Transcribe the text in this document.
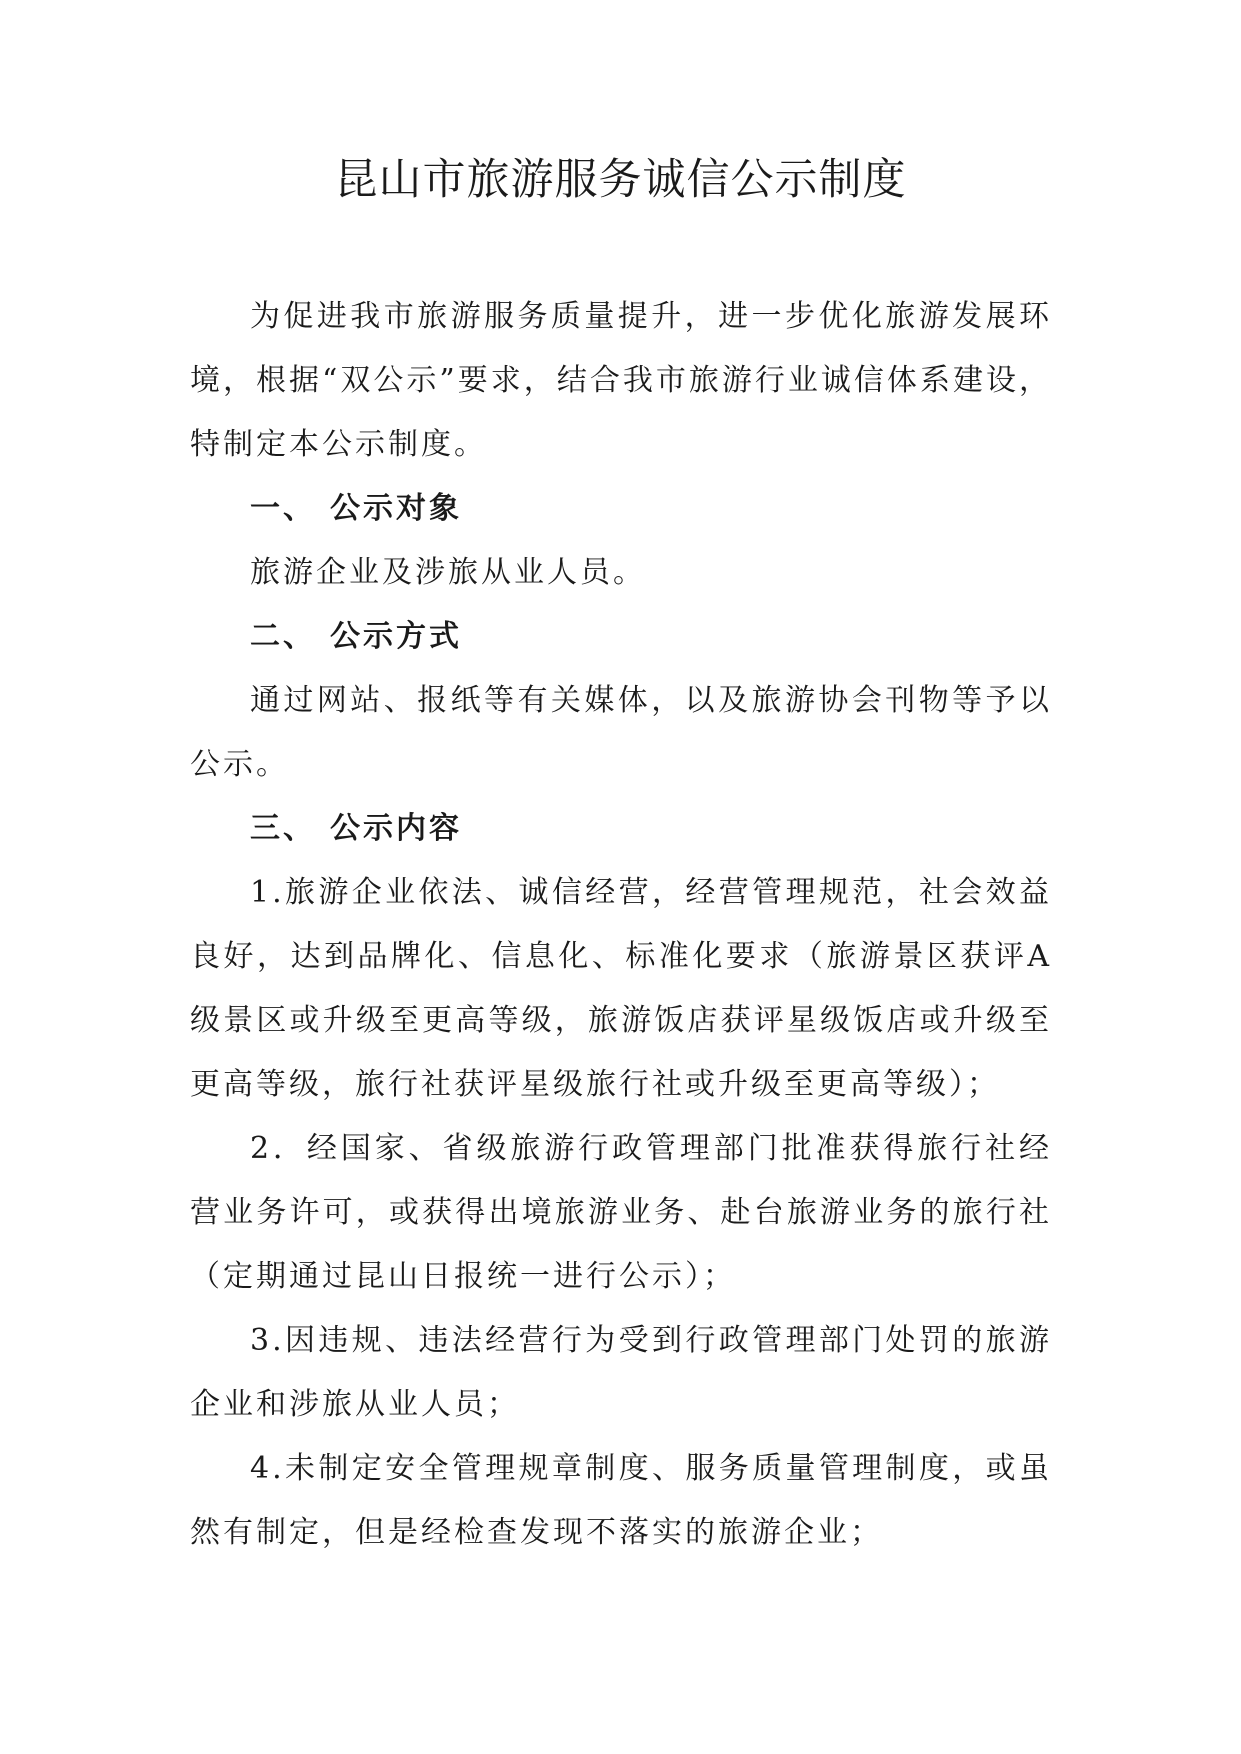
昆山市旅游服务诚信公示制度

为促进我市旅游服务质量提升，进一步优化旅游发展环境，根据“双公示”要求，结合我市旅游行业诚信体系建设，特制定本公示制度。

一、 公示对象

旅游企业及涉旅从业人员。

二、 公示方式

通过网站、报纸等有关媒体，以及旅游协会刊物等予以公示。

三、 公示内容

1.旅游企业依法、诚信经营，经营管理规范，社会效益良好，达到品牌化、信息化、标准化要求（旅游景区获评A级景区或升级至更高等级，旅游饭店获评星级饭店或升级至更高等级，旅行社获评星级旅行社或升级至更高等级）；

2．经国家、省级旅游行政管理部门批准获得旅行社经营业务许可，或获得出境旅游业务、赴台旅游业务的旅行社（定期通过昆山日报统一进行公示）；

3.因违规、违法经营行为受到行政管理部门处罚的旅游企业和涉旅从业人员；

4.未制定安全管理规章制度、服务质量管理制度，或虽然有制定，但是经检查发现不落实的旅游企业；
